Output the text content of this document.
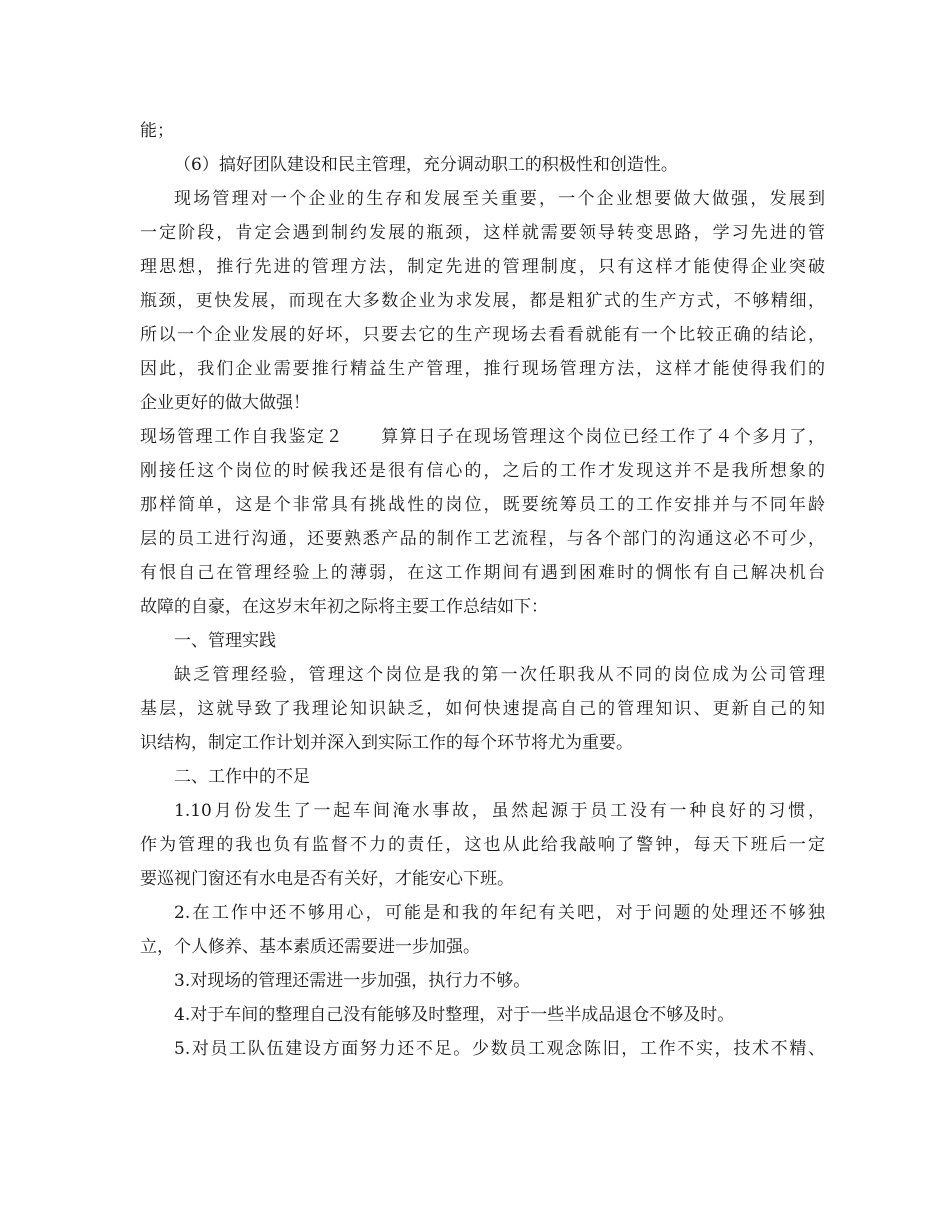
能；
（6）搞好团队建设和民主管理，充分调动职工的积极性和创造性。
现场管理对一个企业的生存和发展至关重要，一个企业想要做大做强，发展到
一定阶段，肯定会遇到制约发展的瓶颈，这样就需要领导转变思路，学习先进的管
理思想，推行先进的管理方法，制定先进的管理制度，只有这样才能使得企业突破
瓶颈，更快发展，而现在大多数企业为求发展，都是粗犷式的生产方式，不够精细，
所以一个企业发展的好坏，只要去它的生产现场去看看就能有一个比较正确的结论，
因此，我们企业需要推行精益生产管理，推行现场管理方法，这样才能使得我们的
企业更好的做大做强！
现场管理工作自我鉴定２　　算算日子在现场管理这个岗位已经工作了４个多月了，
刚接任这个岗位的时候我还是很有信心的，之后的工作才发现这并不是我所想象的
那样简单，这是个非常具有挑战性的岗位，既要统筹员工的工作安排并与不同年龄
层的员工进行沟通，还要熟悉产品的制作工艺流程，与各个部门的沟通这必不可少，
有恨自己在管理经验上的薄弱，在这工作期间有遇到困难时的惆怅有自己解决机台
故障的自豪，在这岁末年初之际将主要工作总结如下：
一、管理实践
缺乏管理经验，管理这个岗位是我的第一次任职我从不同的岗位成为公司管理
基层，这就导致了我理论知识缺乏，如何快速提高自己的管理知识、更新自己的知
识结构，制定工作计划并深入到实际工作的每个环节将尤为重要。
二、工作中的不足
1.10月份发生了一起车间淹水事故，虽然起源于员工没有一种良好的习惯，
作为管理的我也负有监督不力的责任，这也从此给我敲响了警钟，每天下班后一定
要巡视门窗还有水电是否有关好，才能安心下班。
2.在工作中还不够用心，可能是和我的年纪有关吧，对于问题的处理还不够独
立，个人修养、基本素质还需要进一步加强。
3.对现场的管理还需进一步加强，执行力不够。
4.对于车间的整理自己没有能够及时整理，对于一些半成品退仓不够及时。
5.对员工队伍建设方面努力还不足。少数员工观念陈旧，工作不实，技术不精、
